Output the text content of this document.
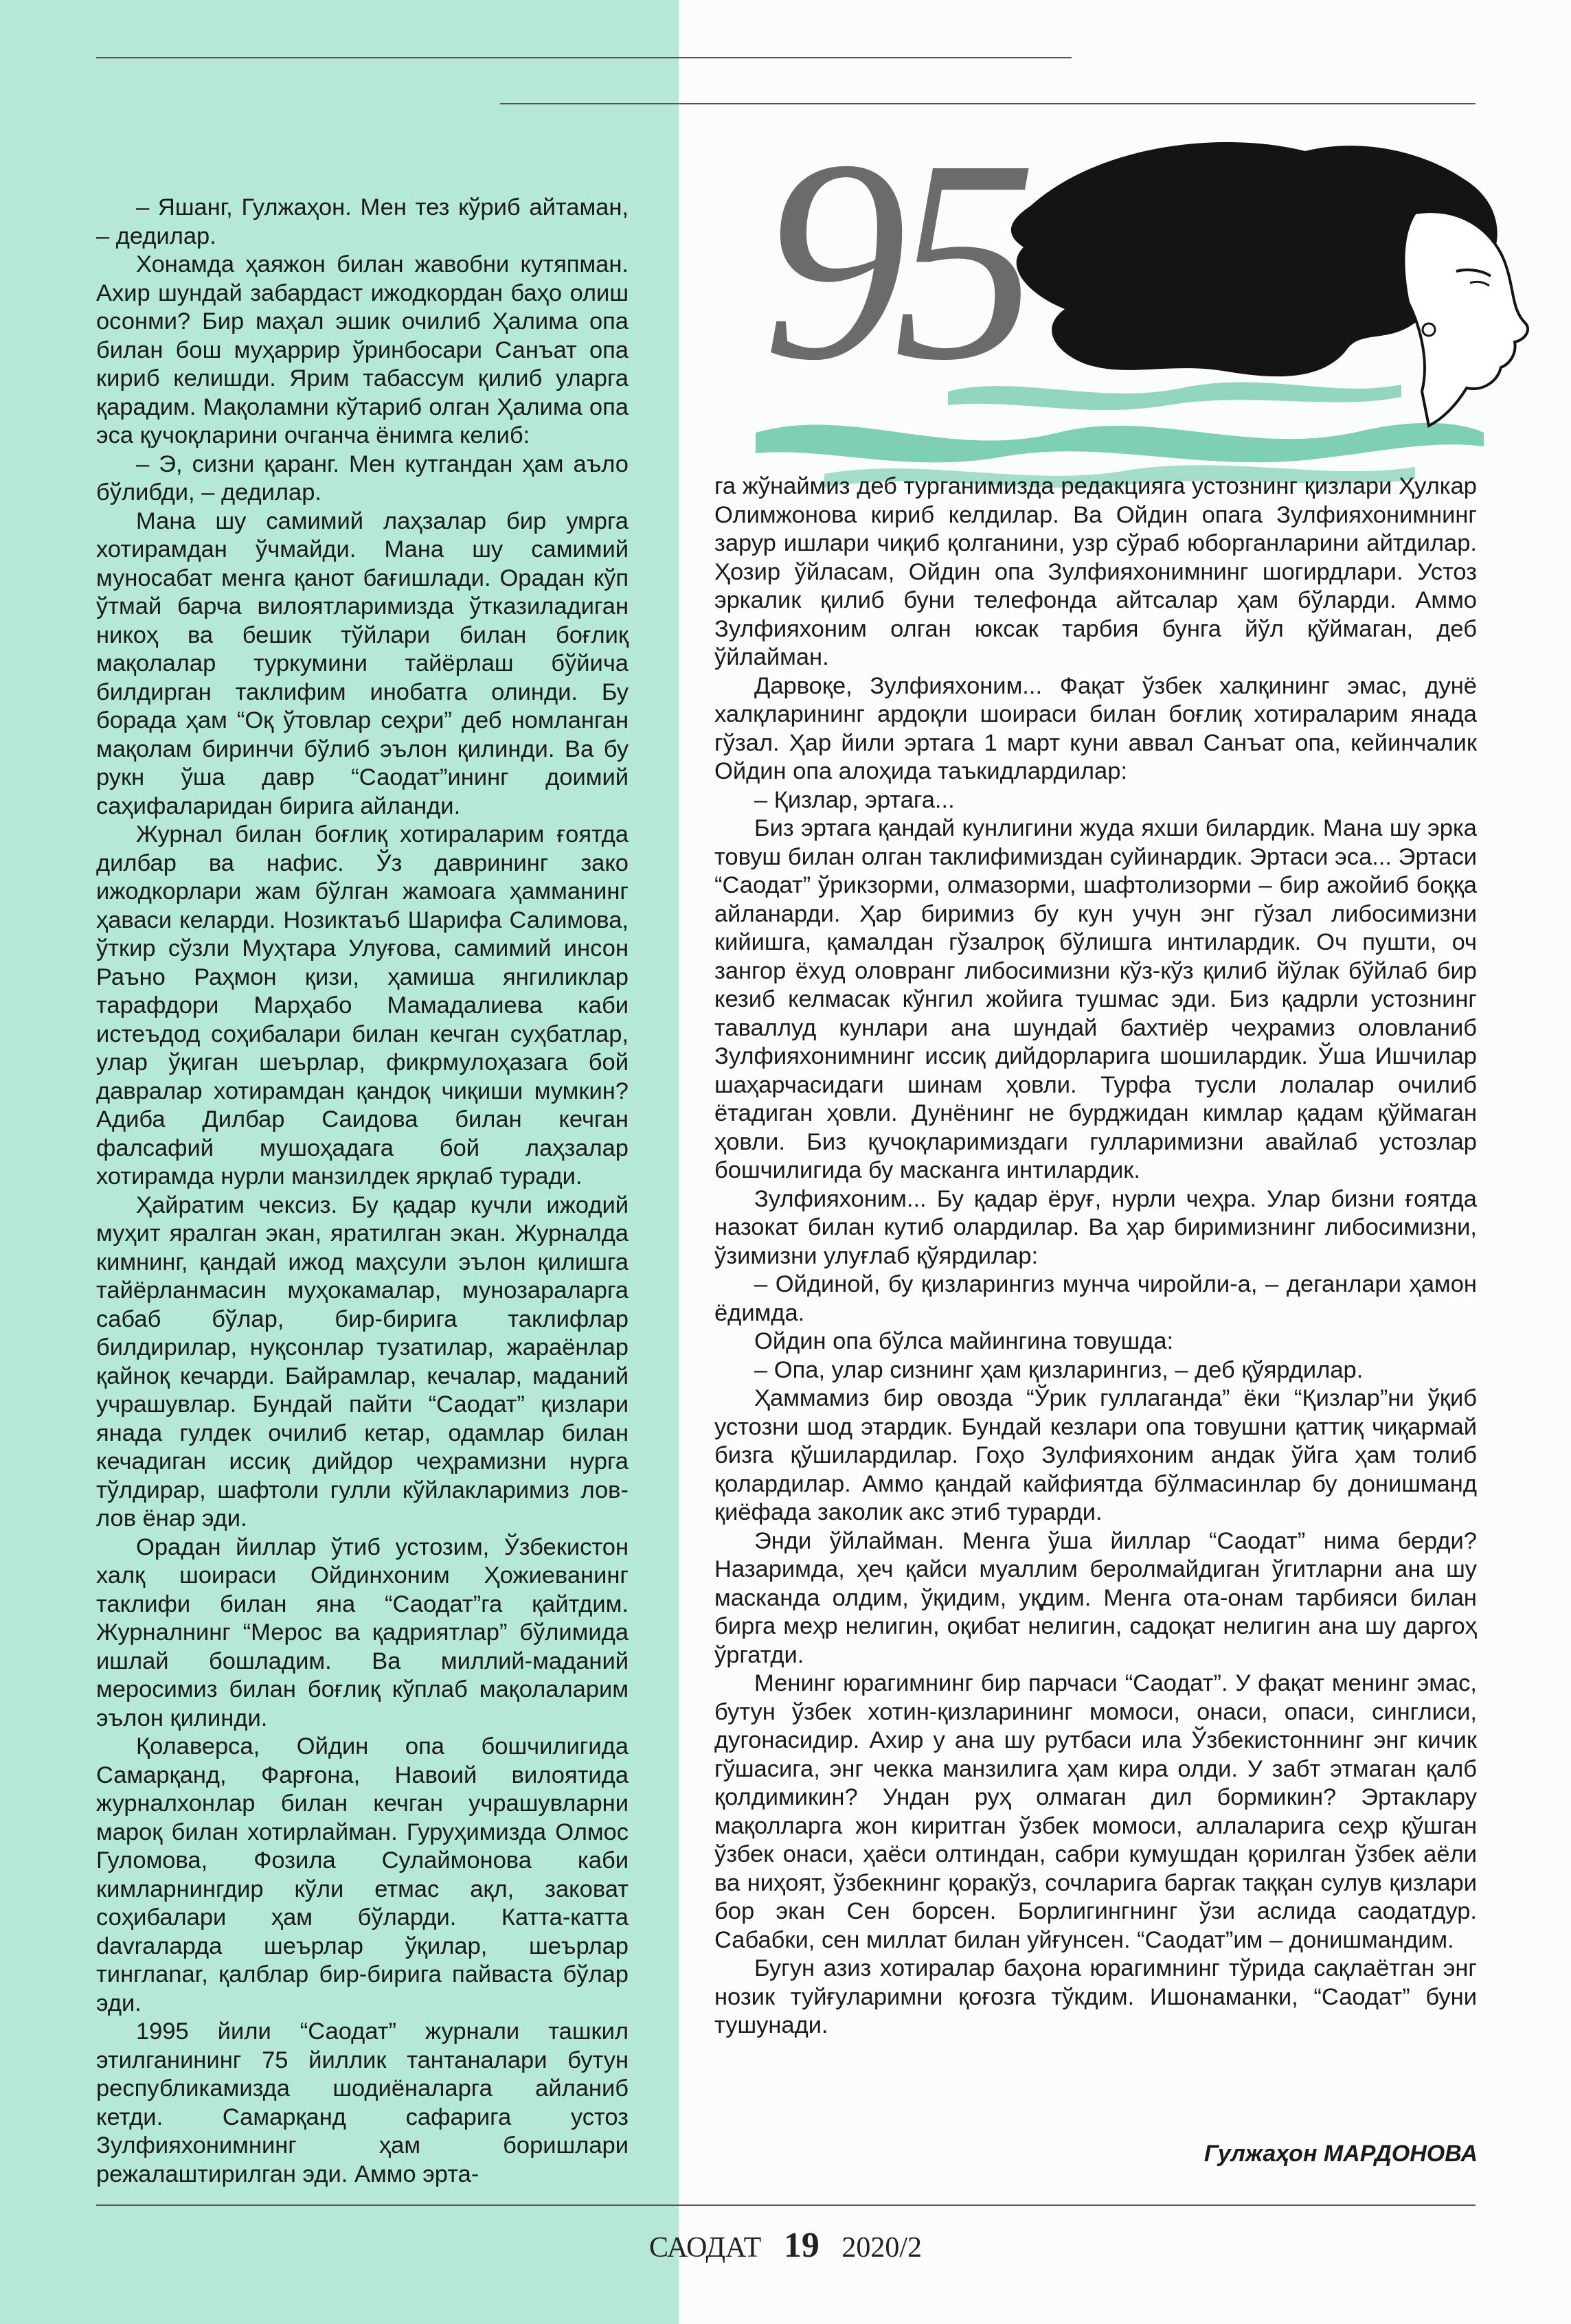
95

– Яшанг, Гулжаҳон. Мен тез кўриб айтаман, – дедилар.

Хонамда ҳаяжон билан жавобни кутяпман. Ахир шундай забардаст ижодкордан баҳо олиш осонми? Бир маҳал эшик очилиб Ҳалима опа билан бош муҳаррир ўринбосари Санъат опа кириб келишди. Ярим табассум қилиб уларга қарадим. Мақоламни кўтариб олган Ҳалима опа эса қучоқларини очганча ёнимга келиб:

– Э, сизни қаранг. Мен кутгандан ҳам аъло бўлибди, – дедилар.

Мана шу самимий лаҳзалар бир умрга хотирамдан ўчмайди. Мана шу самимий муносабат менга қанот бағишлади. Орадан кўп ўтмай барча вилоятларимизда ўтказиладиган никоҳ ва бешик тўйлари билан боғлиқ мақолалар туркумини тайёрлаш бўйича билдирган таклифим инобатга олинди. Бу борада ҳам “Оқ ўтовлар сеҳри” деб номланган мақолам биринчи бўлиб эълон қилинди. Ва бу рукн ўша давр “Саодат”ининг доимий саҳифаларидан бирига айланди.

Журнал билан боғлиқ хотираларим ғоятда дилбар ва нафис. Ўз даврининг зако ижодкорлари жам бўлган жамоага ҳамманинг ҳаваси келарди. Нозиктаъб Шарифа Салимова, ўткир сўзли Муҳтара Улуғова, самимий инсон Раъно Раҳмон қизи, ҳамиша янгиликлар тарафдори Марҳабо Мамадалиева каби истеъдод соҳибалари билан кечган суҳбатлар, улар ўқиган шеърлар, фикрмулоҳазага бой давралар хотирамдан қандоқ чиқиши мумкин? Адиба Дилбар Саидова билан кечган фалсафий мушоҳадага бой лаҳзалар хотирамда нурли манзилдек ярқлаб туради.

Ҳайратим чексиз. Бу қадар кучли ижодий муҳит яралган экан, яратилган экан. Журналда кимнинг, қандай ижод маҳсули эълон қилишга тайёрланмасин муҳокамалар, мунозараларга сабаб бўлар, бир-бирига таклифлар билдирилар, нуқсонлар тузатилар, жараёнлар қайноқ кечарди. Байрамлар, кечалар, маданий учрашувлар. Бундай пайти “Саодат” қизлари янада гулдек очилиб кетар, одамлар билан кечадиган иссиқ дийдор чеҳрамизни нурга тўлдирар, шафтоли гулли кўйлакларимиз лов-лов ёнар эди.

Орадан йиллар ўтиб устозим, Ўзбекистон халқ шоираси Ойдинхоним Ҳожиеванинг таклифи билан яна “Саодат”га қайтдим. Журналнинг “Мерос ва қадриятлар” бўлимида ишлай бошладим. Ва миллий-маданий меросимиз билан боғлиқ кўплаб мақолаларим эълон қилинди.

Қолаверса, Ойдин опа бошчилигида Самарқанд, Фарғона, Навоий вилоятида журналхонлар билан кечган учрашувларни мароқ билан хотирлайман. Гуруҳимизда Олмос Гуломова, Фозила Сулаймонова каби кимларнингдир кўли етмас ақл, заковат соҳибалари ҳам бўларди. Катта-катта davraларда шеърлар ўқилар, шеърлар тинглаnar, қалблар бир-бирига пайваста бўлар эди.

1995 йили “Саодат” журнали ташкил этилганининг 75 йиллик тантаналари бутун республикамизда шодиёналарга айланиб кетди. Самарқанд сафарига устоз Зулфияхонимнинг ҳам боришлари режалаштирилган эди. Аммо эрта-

га жўнаймиз деб турганимизда редакцияга устознинг қизлари Ҳулкар Олимжонова кириб келдилар. Ва Ойдин опага Зулфияхонимнинг зарур ишлари чиқиб қолганини, узр сўраб юборганларини айтдилар. Ҳозир ўйласам, Ойдин опа Зулфияхонимнинг шогирдлари. Устоз эркалик қилиб буни телефонда айтсалар ҳам бўларди. Аммо Зулфияхоним олган юксак тарбия бунга йўл қўймаган, деб ўйлайман.

Дарвоқе, Зулфияхоним... Фақат ўзбек халқининг эмас, дунё халқларининг ардоқли шоираси билан боғлиқ хотираларим янада гўзал. Ҳар йили эртага 1 март куни аввал Санъат опа, кейинчалик Ойдин опа алоҳида таъкидлардилар:

– Қизлар, эртага...

Биз эртага қандай кунлигини жуда яхши билардик. Мана шу эрка товуш билан олган таклифимиздан суйинардик. Эртаси эса... Эртаси “Саодат” ўрикзорми, олмазорми, шафтолизорми – бир ажойиб боққа айланарди. Ҳар биримиз бу кун учун энг гўзал либосимизни кийишга, қамалдан гўзалроқ бўлишга интилардик. Оч пушти, оч зангор ёхуд оловранг либосимизни кўз-кўз қилиб йўлак бўйлаб бир кезиб келмасак кўнгил жойига тушмас эди. Биз қадрли устознинг таваллуд кунлари ана шундай бахтиёр чеҳрамиз оловланиб Зулфияхонимнинг иссиқ дийдорларига шошилардик. Ўша Ишчилар шаҳарчасидаги шинам ҳовли. Турфа тусли лолалар очилиб ётадиган ҳовли. Дунёнинг не бурджидан кимлар қадам қўймаган ҳовли. Биз қучоқларимиздаги гулларимизни авайлаб устозлар бошчилигида бу масканга интилардик.

Зулфияхоним... Бу қадар ёруғ, нурли чеҳра. Улар бизни ғоятда назокат билан кутиб олардилар. Ва ҳар биримизнинг либосимизни, ўзимизни улуғлаб қўярдилар:

– Ойдиной, бу қизларингиз мунча чиройли-а, – деганлари ҳамон ёдимда.

Ойдин опа бўлса майингина товушда:

– Опа, улар сизнинг ҳам қизларингиз, – деб қўярдилар.

Ҳаммамиз бир овозда “Ўрик гуллаганда” ёки “Қизлар”ни ўқиб устозни шод этардик. Бундай кезлари опа товушни қаттиқ чиқармай бизга қўшилардилар. Гоҳо Зулфияхоним андак ўйга ҳам толиб қолардилар. Аммо қандай кайфиятда бўлмасинлар бу донишманд қиёфада заколик акс этиб турарди.

Энди ўйлайман. Менга ўша йиллар “Саодат” нима берди? Назаримда, ҳеч қайси муаллим беролмайдиган ўгитларни ана шу масканда олдим, ўқидим, уқдим. Менга ота-онам тарбияси билан бирга меҳр нелигин, оқибат нелигин, садоқат нелигин ана шу даргоҳ ўргатди.

Менинг юрагимнинг бир парчаси “Саодат”. У фақат менинг эмас, бутун ўзбек хотин-қизларининг момоси, онаси, опаси, синглиси, дугонасидир. Ахир у ана шу рутбаси ила Ўзбекистоннинг энг кичик гўшасига, энг чекка манзилига ҳам кира олди. У забт этмаган қалб қолдимикин? Ундан руҳ олмаган дил бормикин? Эртаклару мақолларга жон киритган ўзбек момоси, аллаларига сеҳр қўшган ўзбек онаси, ҳаёси олтиндан, сабри кумушдан қорилган ўзбек аёли ва ниҳоят, ўзбекнинг қоракўз, сочларига баргак таққан сулув қизлари бор экан Сен борсен. Борлигингнинг ўзи аслида саодатдур. Сабабки, сен миллат билан уйғунсен. “Саодат”им – донишмандим.

Бугун азиз хотиралар баҳона юрагимнинг тўрида сақлаётган энг нозик туйғуларимни қоғозга тўкдим. Ишонаманки, “Саодат” буни тушунади.

Гулжаҳон МАРДОНОВА
САОДАТ 19 2020/2
